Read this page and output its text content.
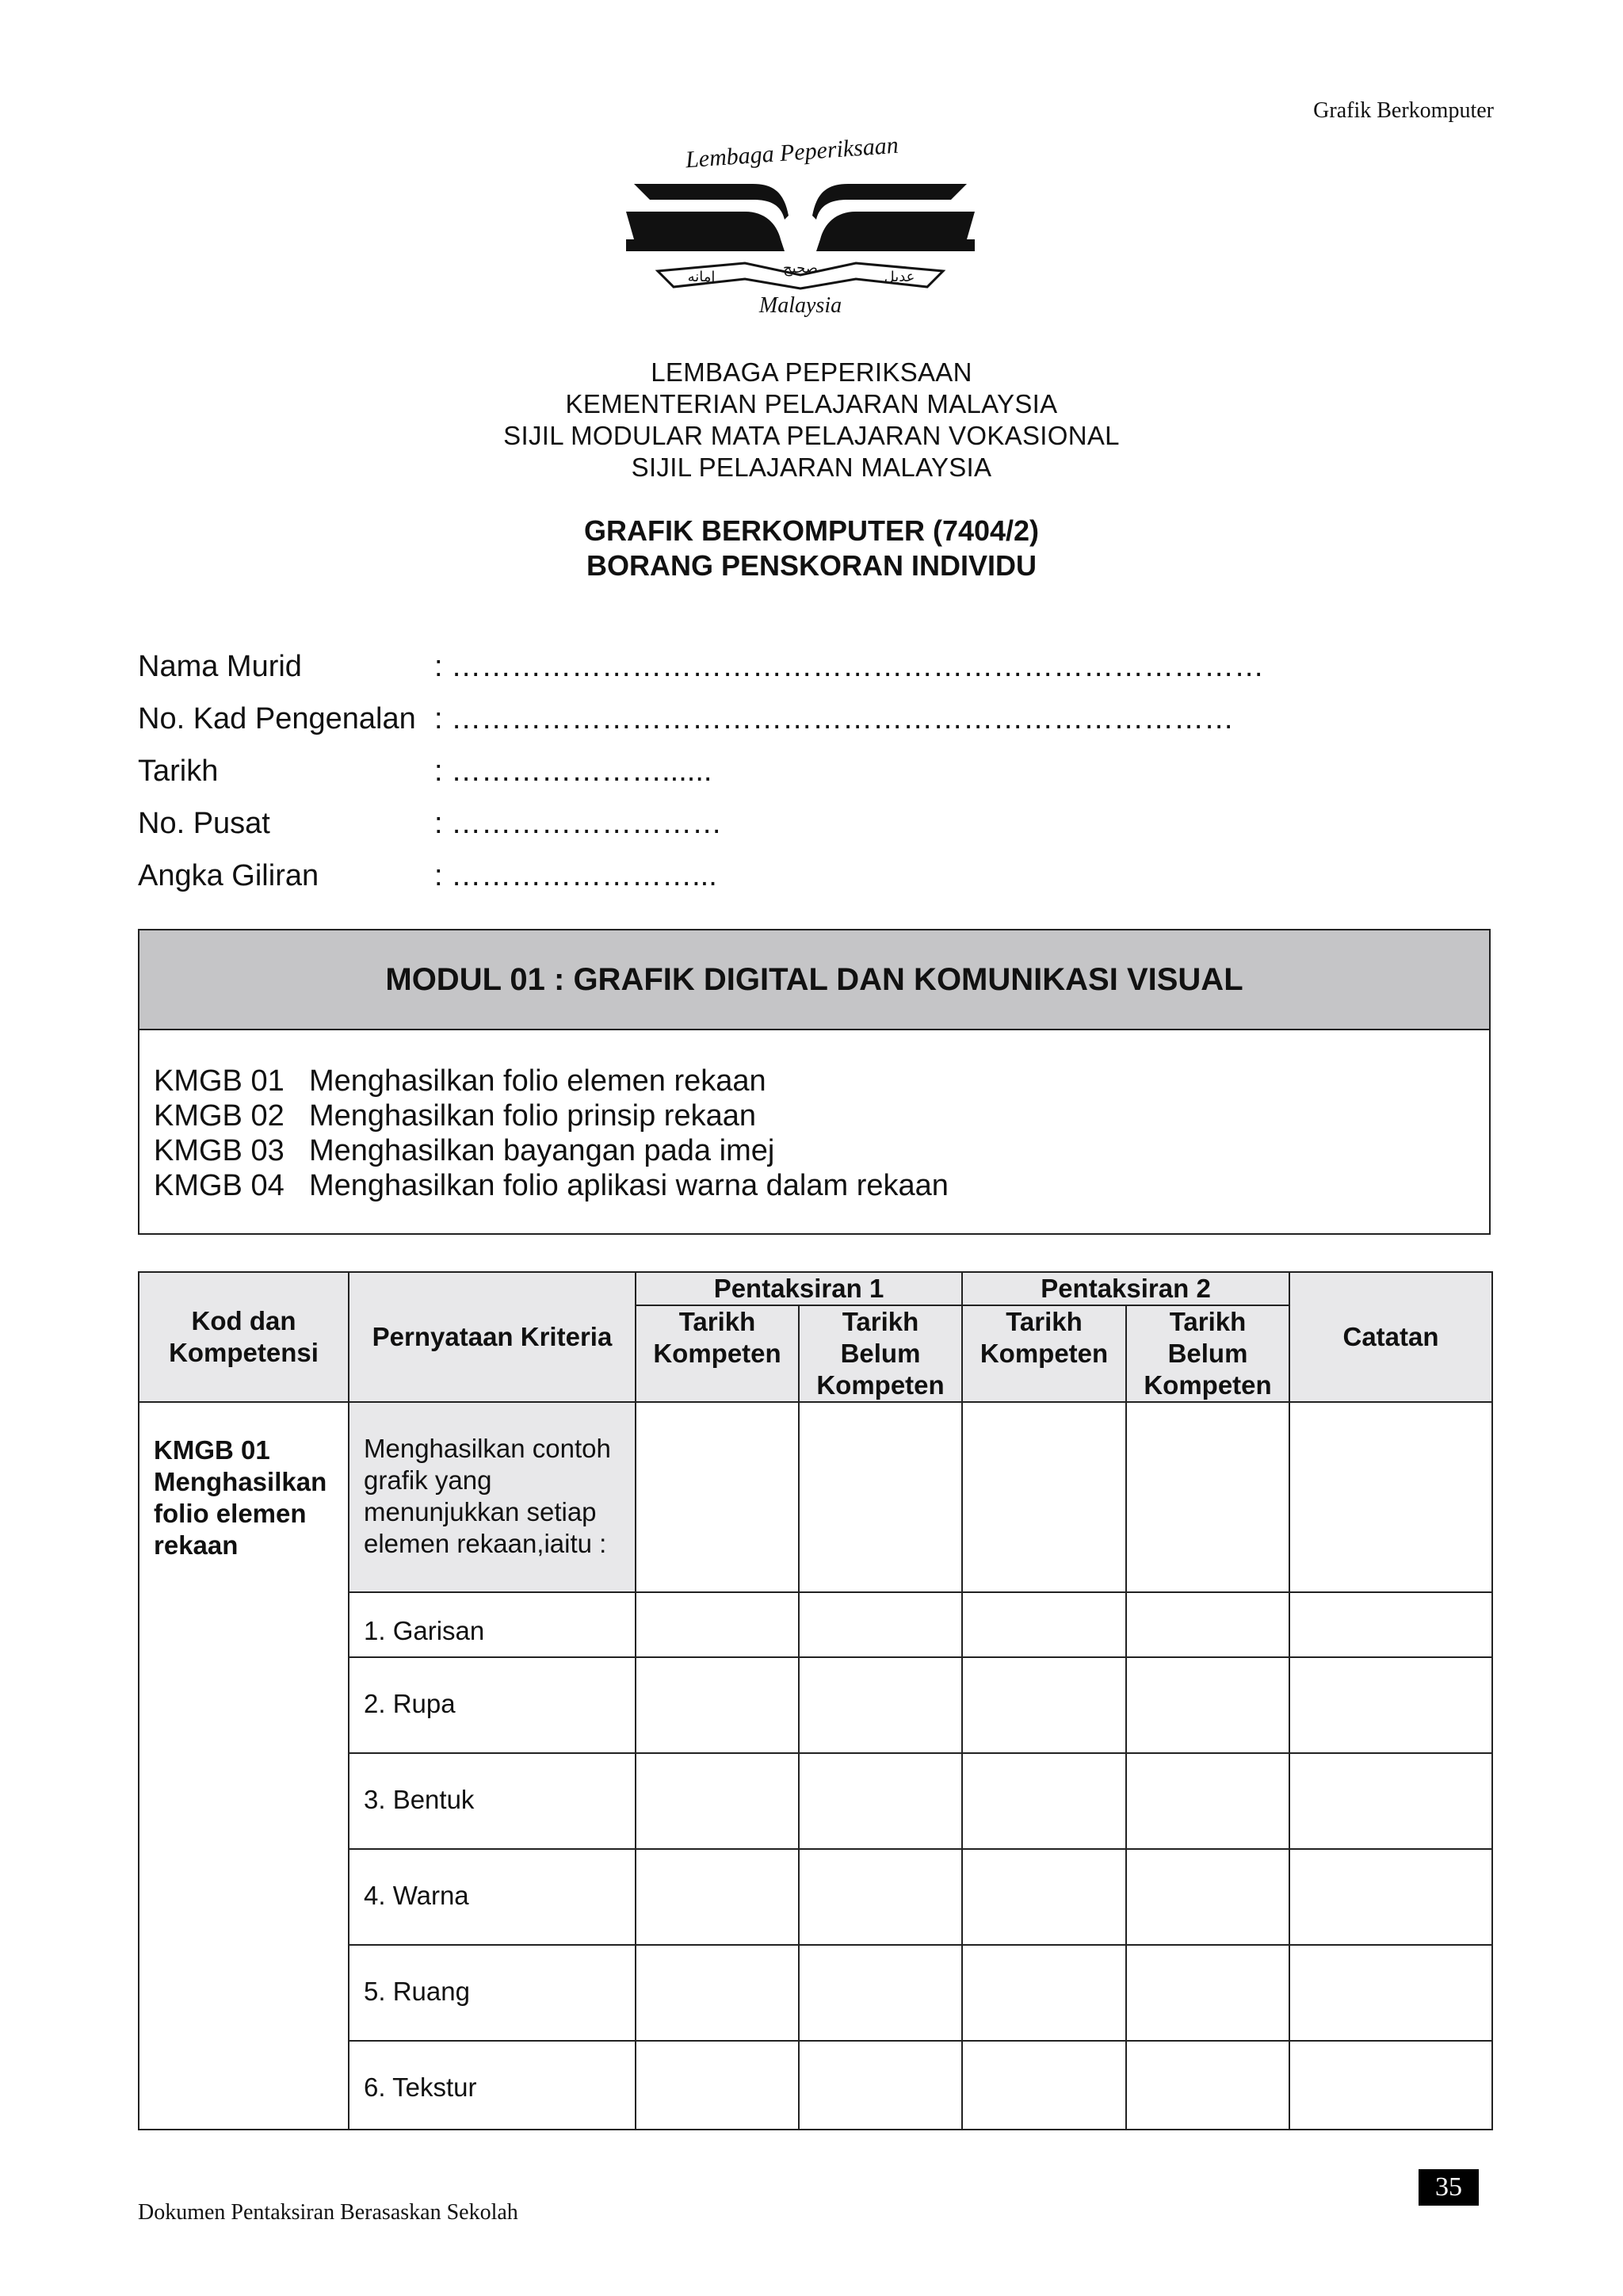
Grafik Berkomputer
Lembaga Peperiksaan
امانه
صحيح
عديل
Malaysia
LEMBAGA PEPERIKSAAN
KEMENTERIAN PELAJARAN MALAYSIA
SIJIL MODULAR MATA PELAJARAN VOKASIONAL
SIJIL PELAJARAN MALAYSIA
GRAFIK BERKOMPUTER (7404/2)
BORANG PENSKORAN INDIVIDU
Nama Murid	: ………………………………………………………………………
No. Kad Pengenalan : ……………………………………………………………………
Tarikh	: …………………......
No. Pusat	: ………………………
Angka Giliran	: ……………………...
MODUL 01 : GRAFIK DIGITAL DAN KOMUNIKASI VISUAL
KMGB 01 Menghasilkan folio elemen rekaan
KMGB 02 Menghasilkan folio prinsip rekaan
KMGB 03 Menghasilkan bayangan pada imej
KMGB 04 Menghasilkan folio aplikasi warna dalam rekaan
Kod dan Kompetensi	Pernyataan Kriteria	Pentaksiran 1		Pentaksiran 2		Catatan
		Tarikh Kompeten	Tarikh Belum Kompeten	Tarikh Kompeten	Tarikh Belum Kompeten	
KMGB 01 Menghasilkan folio elemen rekaan	Menghasilkan contoh grafik yang menunjukkan setiap elemen rekaan,iaitu :					

	1. Garisan					

	2. Rupa					

	3. Bentuk					

	4. Warna					

	5. Ruang					

	6. Tekstur					

35
Dokumen Pentaksiran Berasaskan Sekolah
